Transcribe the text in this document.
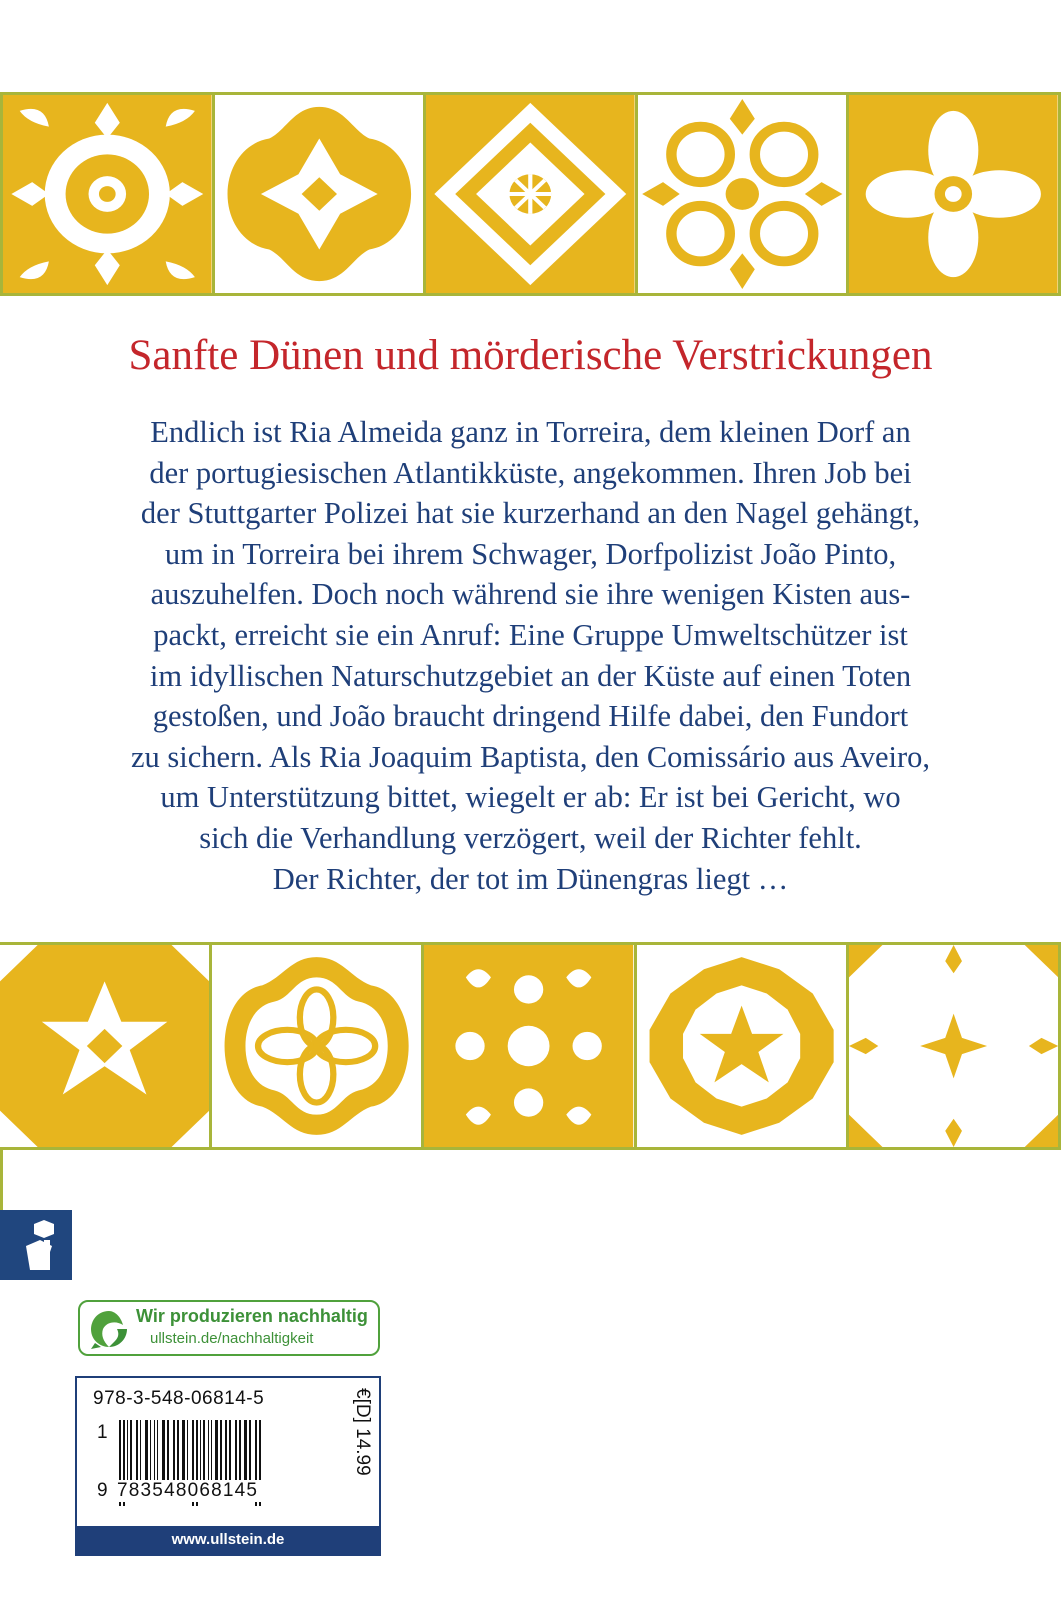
Sanfte Dünen und mörderische Verstrickungen
Endlich ist Ria Almeida ganz in Torreira, dem kleinen Dorf an
der portugiesischen Atlantikküste, angekommen. Ihren Job bei
der Stuttgarter Polizei hat sie kurzerhand an den Nagel gehängt,
um in Torreira bei ihrem Schwager, Dorfpolizist João Pinto,
auszuhelfen. Doch noch während sie ihre wenigen Kisten aus-
packt, erreicht sie ein Anruf: Eine Gruppe Umweltschützer ist
im idyllischen Naturschutzgebiet an der Küste auf einen Toten
gestoßen, und João braucht dringend Hilfe dabei, den Fundort
zu sichern. Als Ria Joaquim Baptista, den Comissário aus Aveiro,
um Unterstützung bittet, wiegelt er ab: Er ist bei Gericht, wo
sich die Verhandlung verzögert, weil der Richter fehlt.
Der Richter, der tot im Dünengras liegt …
Wir produzieren nachhaltig
ullstein.de/nachhaltigkeit
978-3-548-06814-5
1
9 783548068145
€[D] 14.99
www.ullstein.de
